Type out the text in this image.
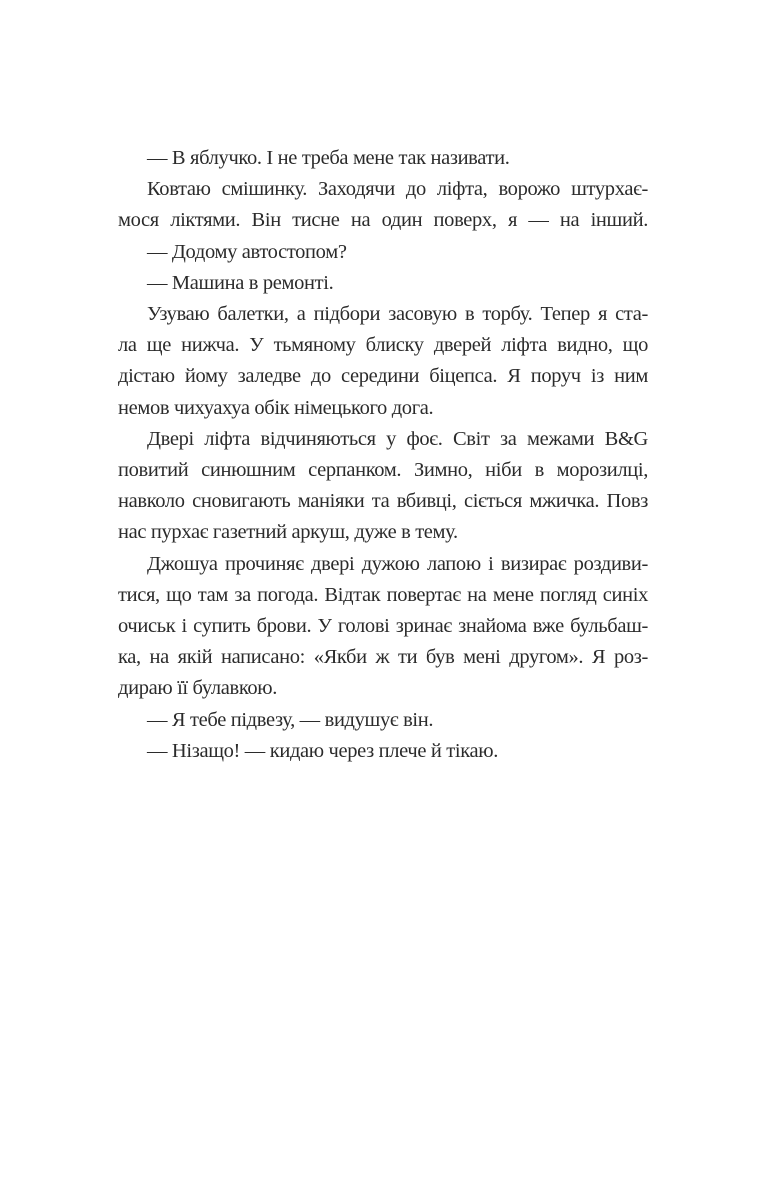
— В яблучко. І не треба мене так називати.

Ковтаю смішинку. Заходячи до ліфта, ворожо штурхає-
мося ліктями. Він тисне на один поверх, я — на інший.

— Додому автостопом?

— Машина в ремонті.

Узуваю балетки, а підбори засовую в торбу. Тепер я ста-
ла ще нижча. У тьмяному блиску дверей ліфта видно, що
дістаю йому заледве до середини біцепса. Я поруч із ним
немов чихуахуа обік німецького дога.

Двері ліфта відчиняються у фоє. Світ за межами B&G
повитий синюшним серпанком. Зимно, ніби в морозилці,
навколо сновигають маніяки та вбивці, сіється мжичка. Повз
нас пурхає газетний аркуш, дуже в тему.

Джошуа прочиняє двері дужою лапою і визирає роздиви-
тися, що там за погода. Відтак повертає на мене погляд синіх
очиськ і супить брови. У голові зринає знайома вже бульбаш-
ка, на якій написано: «Якби ж ти був мені другом». Я роз-
дираю її булавкою.

— Я тебе підвезу, — видушує він.

— Нізащо! — кидаю через плече й тікаю.
